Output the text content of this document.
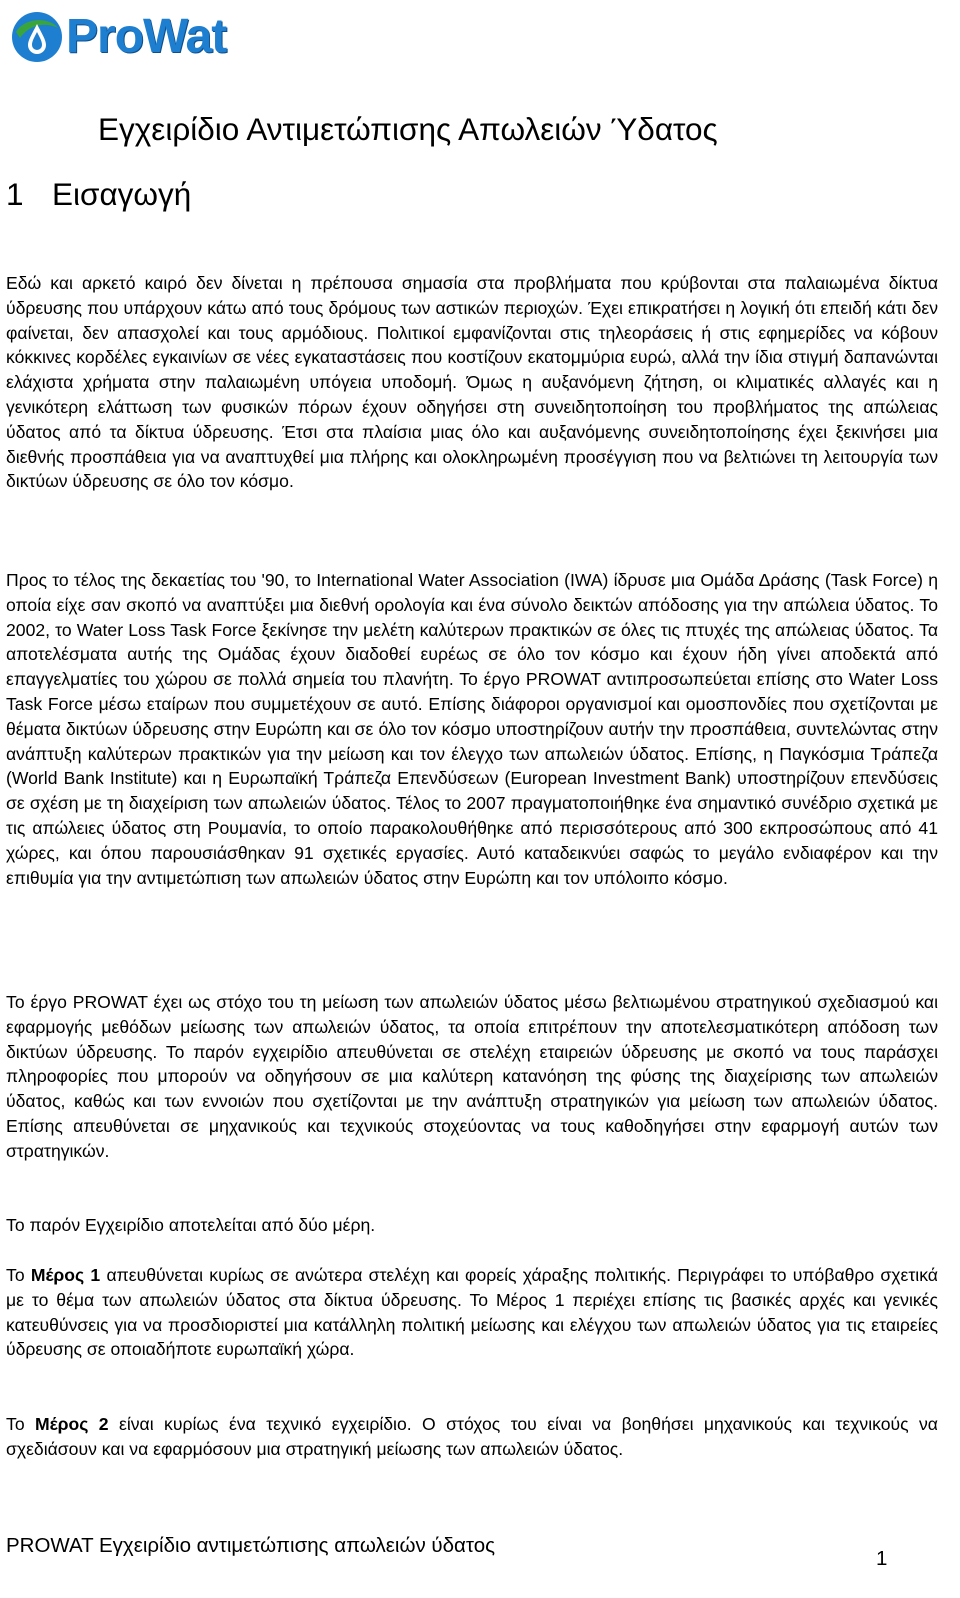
ProWat
Εγχειρίδιο Αντιμετώπισης Απωλειών Ύδατος
1 Εισαγωγή

Εδώ και αρκετό καιρό δεν δίνεται η πρέπουσα σημασία στα προβλήματα που κρύβονται στα παλαιωμένα δίκτυα ύδρευσης που υπάρχουν κάτω από τους δρόμους των αστικών περιοχών. Έχει επικρατήσει η λογική ότι επειδή κάτι δεν φαίνεται, δεν απασχολεί και τους αρμόδιους. Πολιτικοί εμφανίζονται στις τηλεοράσεις ή στις εφημερίδες να κόβουν κόκκινες κορδέλες εγκαινίων σε νέες εγκαταστάσεις που κοστίζουν εκατομμύρια ευρώ, αλλά την ίδια στιγμή δαπανώνται ελάχιστα χρήματα στην παλαιωμένη υπόγεια υποδομή. Όμως η αυξανόμενη ζήτηση, οι κλιματικές αλλαγές και η γενικότερη ελάττωση των φυσικών πόρων έχουν οδηγήσει στη συνειδητοποίηση του προβλήματος της απώλειας ύδατος από τα δίκτυα ύδρευσης. Έτσι στα πλαίσια μιας όλο και αυξανόμενης συνειδητοποίησης έχει ξεκινήσει μια διεθνής προσπάθεια για να αναπτυχθεί μια πλήρης και ολοκληρωμένη προσέγγιση που να βελτιώνει τη λειτουργία των δικτύων ύδρευσης σε όλο τον κόσμο.

Προς το τέλος της δεκαετίας του '90, το International Water Association (IWA) ίδρυσε μια Ομάδα Δράσης (Task Force) η οποία είχε σαν σκοπό να αναπτύξει μια διεθνή ορολογία και ένα σύνολο δεικτών απόδοσης για την απώλεια ύδατος. Το 2002, το Water Loss Task Force ξεκίνησε την μελέτη καλύτερων πρακτικών σε όλες τις πτυχές της απώλειας ύδατος. Τα αποτελέσματα αυτής της Ομάδας έχουν διαδοθεί ευρέως σε όλο τον κόσμο και έχουν ήδη γίνει αποδεκτά από επαγγελματίες του χώρου σε πολλά σημεία του πλανήτη. Το έργο PROWAT αντιπροσωπεύεται επίσης στο Water Loss Task Force μέσω εταίρων που συμμετέχουν σε αυτό. Επίσης διάφοροι οργανισμοί και ομοσπονδίες που σχετίζονται με θέματα δικτύων ύδρευσης στην Ευρώπη και σε όλο τον κόσμο υποστηρίζουν αυτήν την προσπάθεια, συντελώντας στην ανάπτυξη καλύτερων πρακτικών για την μείωση και τον έλεγχο των απωλειών ύδατος. Επίσης, η Παγκόσμια Τράπεζα (World Bank Institute) και η Ευρωπαϊκή Τράπεζα Επενδύσεων (European Investment Bank) υποστηρίζουν επενδύσεις σε σχέση με τη διαχείριση των απωλειών ύδατος. Τέλος το 2007 πραγματοποιήθηκε ένα σημαντικό συνέδριο σχετικά με τις απώλειες ύδατος στη Ρουμανία, το οποίο παρακολουθήθηκε από περισσότερους από 300 εκπροσώπους από 41 χώρες, και όπου παρουσιάσθηκαν 91 σχετικές εργασίες. Αυτό καταδεικνύει σαφώς το μεγάλο ενδιαφέρον και την επιθυμία για την αντιμετώπιση των απωλειών ύδατος στην Ευρώπη και τον υπόλοιπο κόσμο.

Το έργο PROWAT έχει ως στόχο του τη μείωση των απωλειών ύδατος μέσω βελτιωμένου στρατηγικού σχεδιασμού και εφαρμογής μεθόδων μείωσης των απωλειών ύδατος, τα οποία επιτρέπουν την αποτελεσματικότερη απόδοση των δικτύων ύδρευσης. Το παρόν εγχειρίδιο απευθύνεται σε στελέχη εταιρειών ύδρευσης με σκοπό να τους παράσχει πληροφορίες που μπορούν να οδηγήσουν σε μια καλύτερη κατανόηση της φύσης της διαχείρισης των απωλειών ύδατος, καθώς και των εννοιών που σχετίζονται με την ανάπτυξη στρατηγικών για μείωση των απωλειών ύδατος. Επίσης απευθύνεται σε μηχανικούς και τεχνικούς στοχεύοντας να τους καθοδηγήσει στην εφαρμογή αυτών των στρατηγικών.

Το παρόν Εγχειρίδιο αποτελείται από δύο μέρη.

Το Μέρος 1 απευθύνεται κυρίως σε ανώτερα στελέχη και φορείς χάραξης πολιτικής. Περιγράφει το υπόβαθρο σχετικά με το θέμα των απωλειών ύδατος στα δίκτυα ύδρευσης. Το Μέρος 1 περιέχει επίσης τις βασικές αρχές και γενικές κατευθύνσεις για να προσδιοριστεί μια κατάλληλη πολιτική μείωσης και ελέγχου των απωλειών ύδατος για τις εταιρείες ύδρευσης σε οποιαδήποτε ευρωπαϊκή χώρα.

Το Μέρος 2 είναι κυρίως ένα τεχνικό εγχειρίδιο. Ο στόχος του είναι να βοηθήσει μηχανικούς και τεχνικούς να σχεδιάσουν και να εφαρμόσουν μια στρατηγική μείωσης των απωλειών ύδατος.

PROWAT Εγχειρίδιο αντιμετώπισης απωλειών ύδατος
1
